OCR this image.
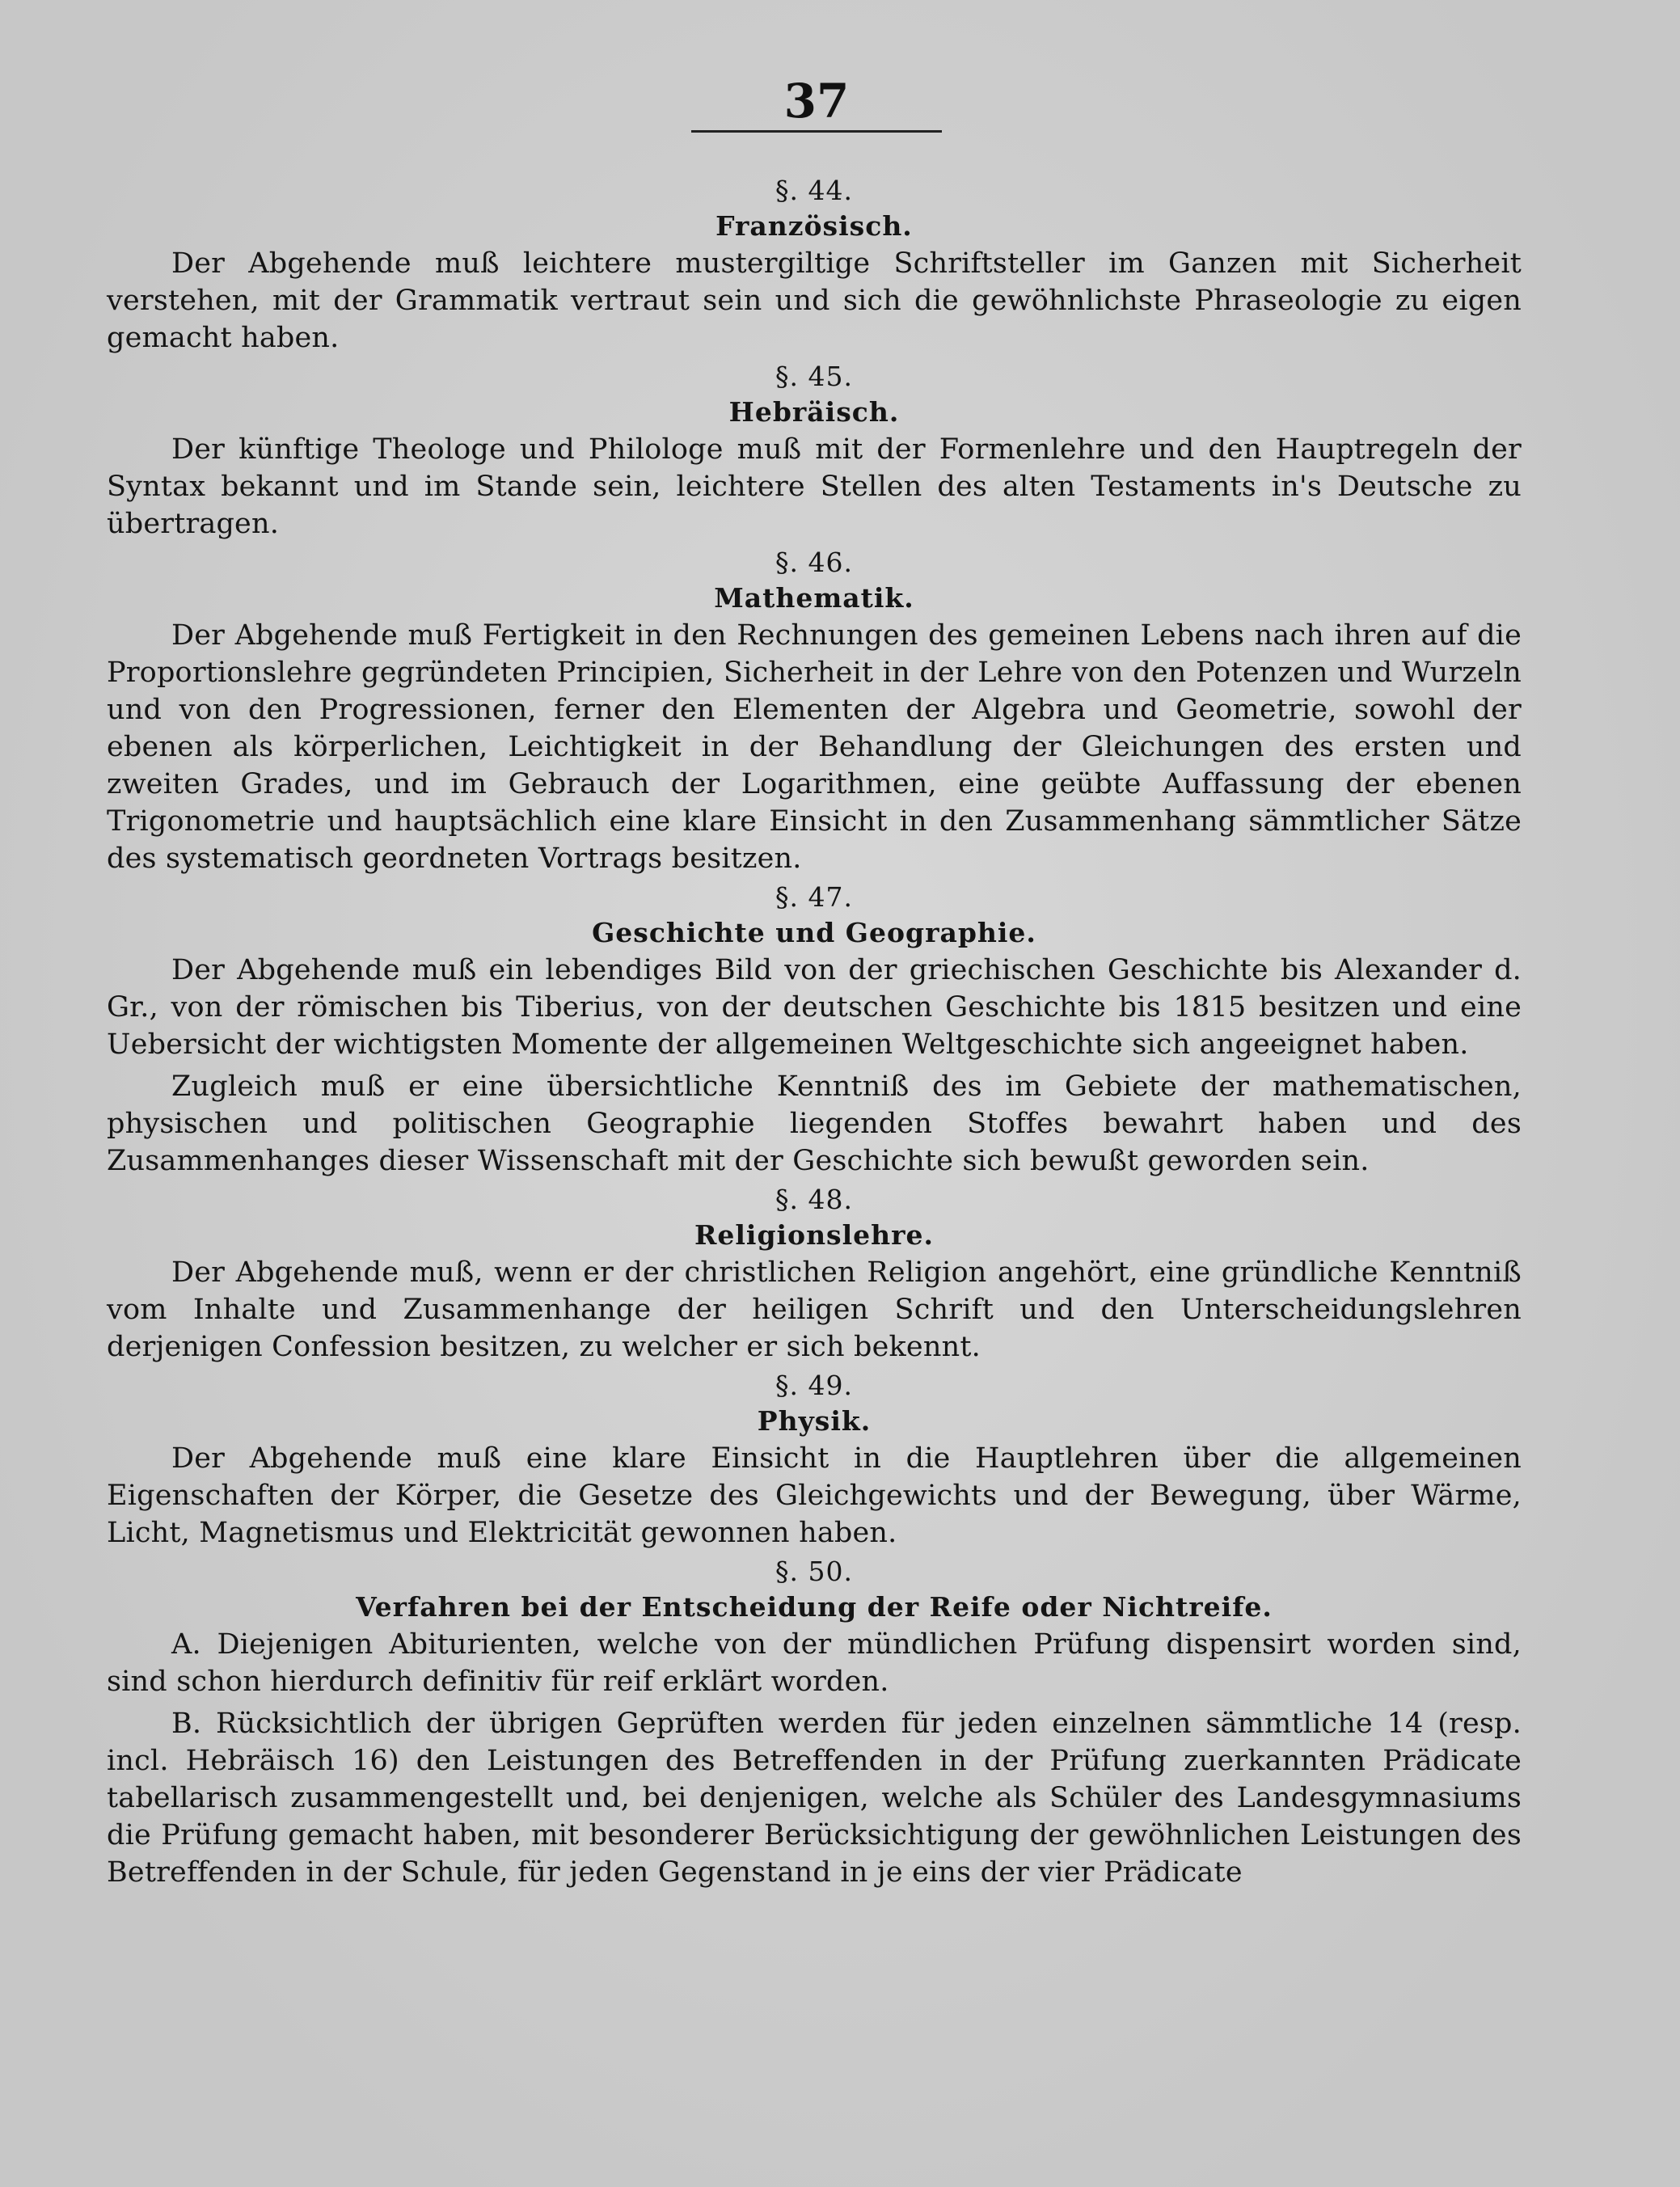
37
§. 44.
Französisch.

Der Abgehende muß leichtere mustergiltige Schriftsteller im Ganzen mit Sicherheit verstehen, mit der Grammatik vertraut sein und sich die gewöhnlichste Phraseologie zu eigen gemacht haben.

§. 45.
Hebräisch.

Der künftige Theologe und Philologe muß mit der Formenlehre und den Hauptregeln der Syntax bekannt und im Stande sein, leichtere Stellen des alten Testaments in's Deutsche zu übertragen.

§. 46.
Mathematik.

Der Abgehende muß Fertigkeit in den Rechnungen des gemeinen Lebens nach ihren auf die Proportionslehre gegründeten Principien, Sicherheit in der Lehre von den Potenzen und Wurzeln und von den Progressionen, ferner den Elementen der Algebra und Geometrie, sowohl der ebenen als körperlichen, Leichtigkeit in der Behandlung der Gleichungen des ersten und zweiten Grades, und im Gebrauch der Logarithmen, eine geübte Auffassung der ebenen Trigonometrie und hauptsächlich eine klare Einsicht in den Zusammenhang sämmtlicher Sätze des systematisch geordneten Vortrags besitzen.

§. 47.
Geschichte und Geographie.

Der Abgehende muß ein lebendiges Bild von der griechischen Geschichte bis Alexander d. Gr., von der römischen bis Tiberius, von der deutschen Geschichte bis 1815 besitzen und eine Uebersicht der wichtigsten Momente der allgemeinen Weltgeschichte sich angeeignet haben.

Zugleich muß er eine übersichtliche Kenntniß des im Gebiete der mathematischen, physischen und politischen Geographie liegenden Stoffes bewahrt haben und des Zusammenhanges dieser Wissenschaft mit der Geschichte sich bewußt geworden sein.

§. 48.
Religionslehre.

Der Abgehende muß, wenn er der christlichen Religion angehört, eine gründliche Kenntniß vom Inhalte und Zusammenhange der heiligen Schrift und den Unterscheidungslehren derjenigen Confession besitzen, zu welcher er sich bekennt.

§. 49.
Physik.

Der Abgehende muß eine klare Einsicht in die Hauptlehren über die allgemeinen Eigenschaften der Körper, die Gesetze des Gleichgewichts und der Bewegung, über Wärme, Licht, Magnetismus und Elektricität gewonnen haben.

§. 50.
Verfahren bei der Entscheidung der Reife oder Nichtreife.

A. Diejenigen Abiturienten, welche von der mündlichen Prüfung dispensirt worden sind, sind schon hierdurch definitiv für reif erklärt worden.

B. Rücksichtlich der übrigen Geprüften werden für jeden einzelnen sämmtliche 14 (resp. incl. Hebräisch 16) den Leistungen des Betreffenden in der Prüfung zuerkannten Prädicate tabellarisch zusammengestellt und, bei denjenigen, welche als Schüler des Landesgymnasiums die Prüfung gemacht haben, mit besonderer Berücksichtigung der gewöhnlichen Leistungen des Betreffenden in der Schule, für jeden Gegenstand in je eins der vier Prädicate
